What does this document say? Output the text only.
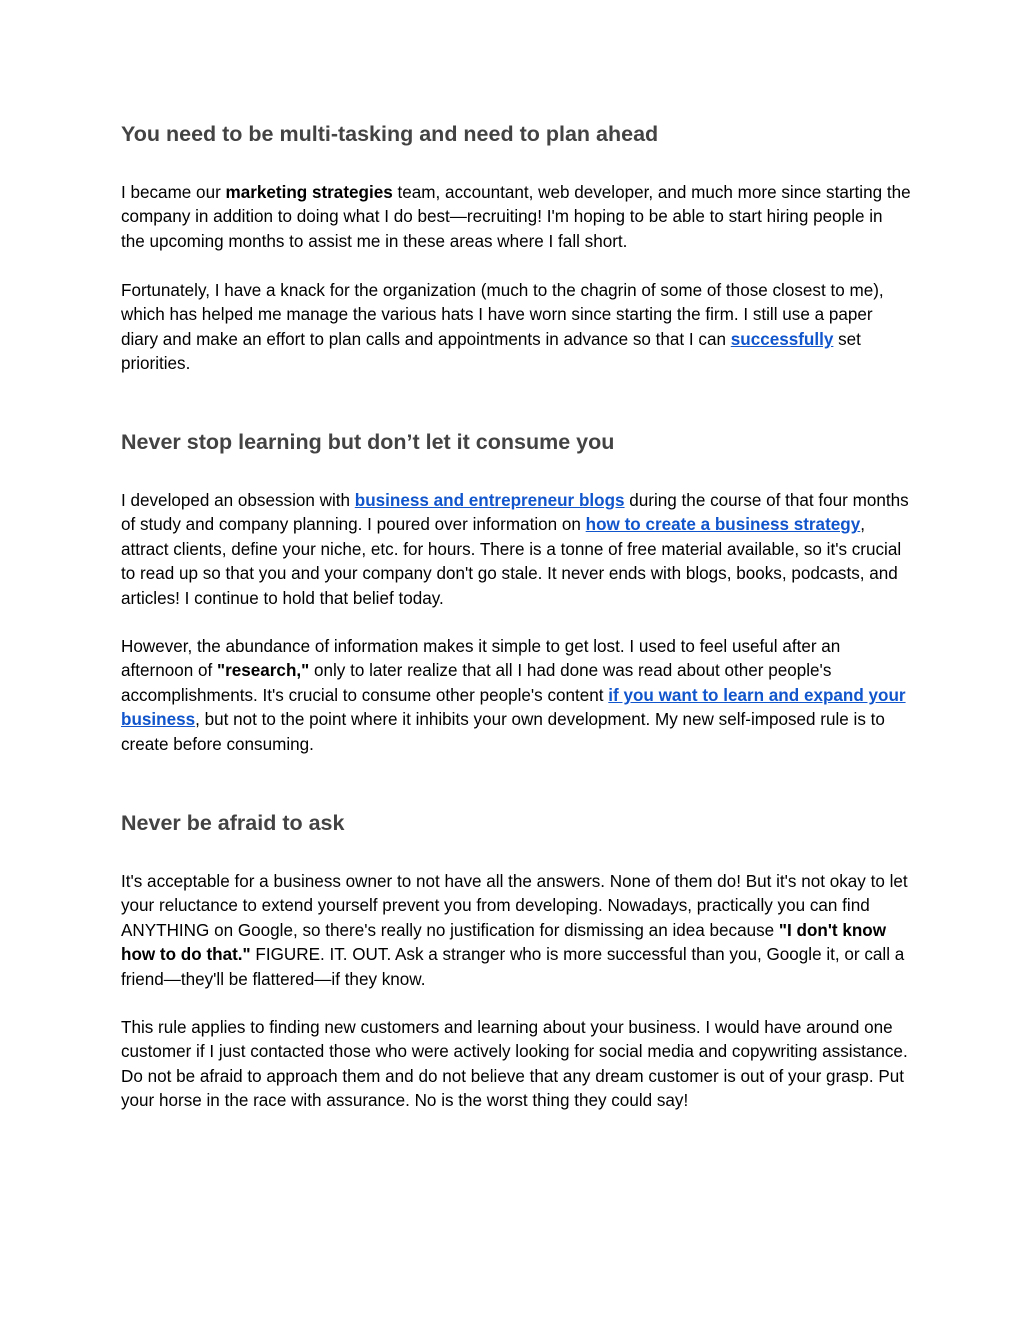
You need to be multi-tasking and need to plan ahead

I became our marketing strategies team, accountant, web developer, and much more since starting the company in addition to doing what I do best—recruiting! I'm hoping to be able to start hiring people in the upcoming months to assist me in these areas where I fall short.

Fortunately, I have a knack for the organization (much to the chagrin of some of those closest to me), which has helped me manage the various hats I have worn since starting the firm. I still use a paper diary and make an effort to plan calls and appointments in advance so that I can successfully set priorities.

Never stop learning but don’t let it consume you

I developed an obsession with business and entrepreneur blogs during the course of that four months of study and company planning. I poured over information on how to create a business strategy, attract clients, define your niche, etc. for hours. There is a tonne of free material available, so it's crucial to read up so that you and your company don't go stale. It never ends with blogs, books, podcasts, and articles! I continue to hold that belief today.

However, the abundance of information makes it simple to get lost. I used to feel useful after an afternoon of "research," only to later realize that all I had done was read about other people's accomplishments. It's crucial to consume other people's content if you want to learn and expand your business, but not to the point where it inhibits your own development. My new self-imposed rule is to create before consuming.

Never be afraid to ask

It's acceptable for a business owner to not have all the answers. None of them do! But it's not okay to let your reluctance to extend yourself prevent you from developing. Nowadays, practically you can find ANYTHING on Google, so there's really no justification for dismissing an idea because "I don't know how to do that." FIGURE. IT. OUT. Ask a stranger who is more successful than you, Google it, or call a friend—they'll be flattered—if they know.

This rule applies to finding new customers and learning about your business. I would have around one customer if I just contacted those who were actively looking for social media and copywriting assistance. Do not be afraid to approach them and do not believe that any dream customer is out of your grasp. Put your horse in the race with assurance. No is the worst thing they could say!
